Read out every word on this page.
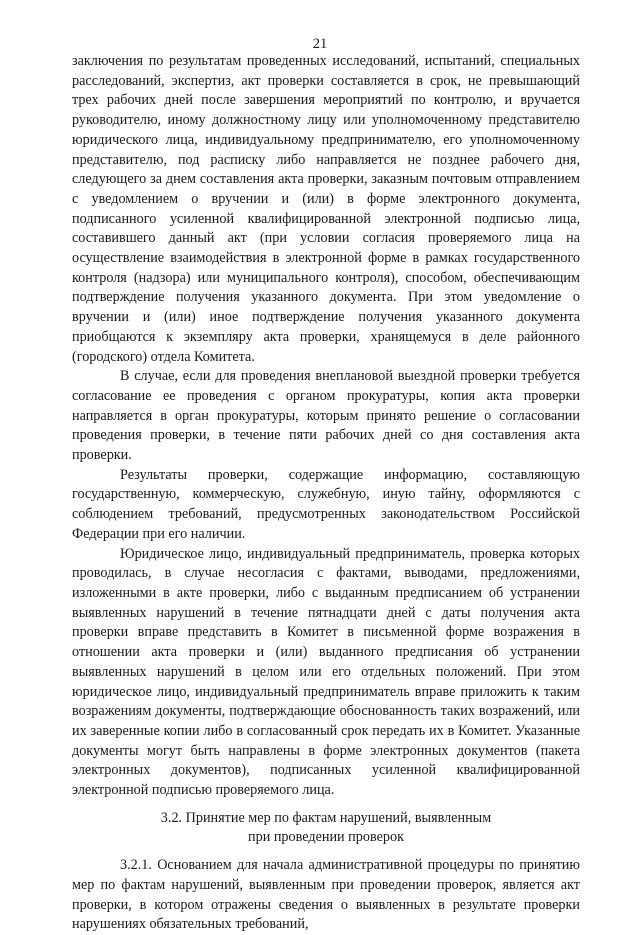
21

заключения по результатам проведенных исследований, испытаний, специальных расследований, экспертиз, акт проверки составляется в срок, не превышающий трех рабочих дней после завершения мероприятий по контролю, и вручается руководителю, иному должностному лицу или уполномоченному представителю юридического лица, индивидуальному предпринимателю, его уполномоченному представителю, под расписку либо направляется не позднее рабочего дня, следующего за днем составления акта проверки, заказным почтовым отправлением с уведомлением о вручении и (или) в форме электронного документа, подписанного усиленной квалифицированной электронной подписью лица, составившего данный акт (при условии согласия проверяемого лица на осуществление взаимодействия в электронной форме в рамках государственного контроля (надзора) или муниципального контроля), способом, обеспечивающим подтверждение получения указанного документа. При этом уведомление о вручении и (или) иное подтверждение получения указанного документа приобщаются к экземпляру акта проверки, хранящемуся в деле районного (городского) отдела Комитета.

В случае, если для проведения внеплановой выездной проверки требуется согласование ее проведения с органом прокуратуры, копия акта проверки направляется в орган прокуратуры, которым принято решение о согласовании проведения проверки, в течение пяти рабочих дней со дня составления акта проверки.

Результаты проверки, содержащие информацию, составляющую государственную, коммерческую, служебную, иную тайну, оформляются с соблюдением требований, предусмотренных законодательством Российской Федерации при его наличии.

Юридическое лицо, индивидуальный предприниматель, проверка которых проводилась, в случае несогласия с фактами, выводами, предложениями, изложенными в акте проверки, либо с выданным предписанием об устранении выявленных нарушений в течение пятнадцати дней с даты получения акта проверки вправе представить в Комитет в письменной форме возражения в отношении акта проверки и (или) выданного предписания об устранении выявленных нарушений в целом или его отдельных положений. При этом юридическое лицо, индивидуальный предприниматель вправе приложить к таким возражениям документы, подтверждающие обоснованность таких возражений, или их заверенные копии либо в согласованный срок передать их в Комитет. Указанные документы могут быть направлены в форме электронных документов (пакета электронных документов), подписанных усиленной квалифицированной электронной подписью проверяемого лица.

3.2. Принятие мер по фактам нарушений, выявленным
при проведении проверок

3.2.1. Основанием для начала административной процедуры по принятию мер по фактам нарушений, выявленным при проведении проверок, является акт проверки, в котором отражены сведения о выявленных в результате проверки нарушениях обязательных требований,
